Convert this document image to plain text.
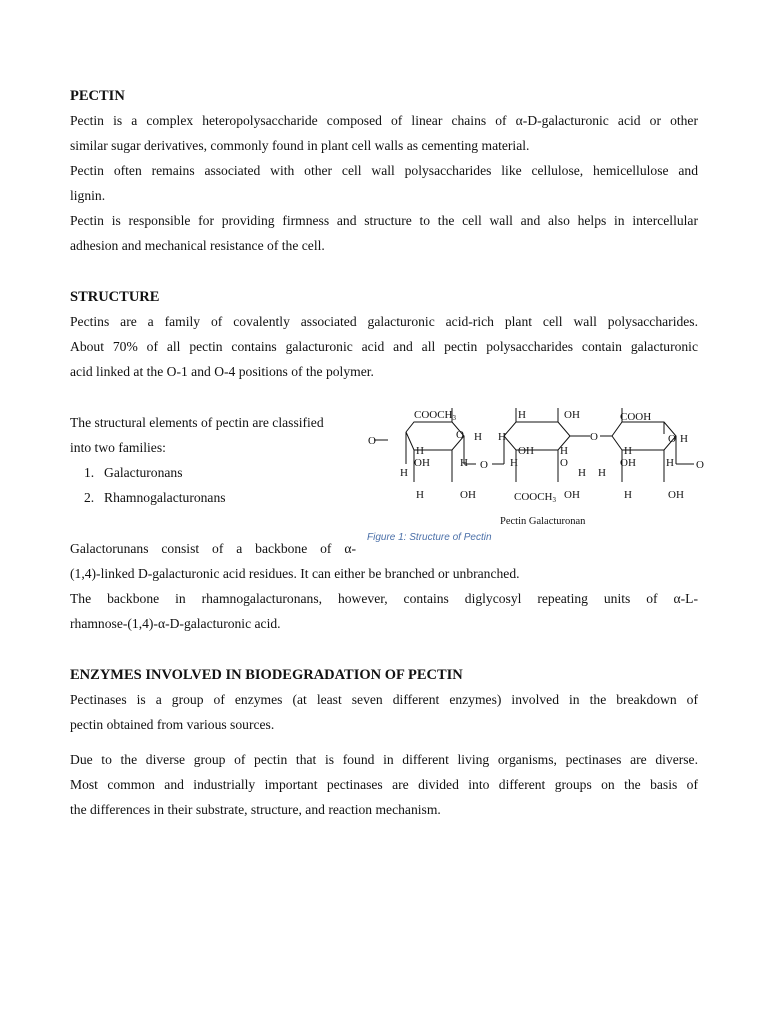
PECTIN
Pectin is a complex heteropolysaccharide composed of linear chains of α-D-galacturonic acid or other
similar sugar derivatives, commonly found in plant cell walls as cementing material.
Pectin often remains associated with other cell wall polysaccharides like cellulose, hemicellulose and
lignin.
Pectin is responsible for providing firmness and structure to the cell wall and also helps in intercellular
adhesion and mechanical resistance of the cell.
STRUCTURE
Pectins are a family of covalently associated galacturonic acid-rich plant cell wall polysaccharides.
About 70% of all pectin contains galacturonic acid and all pectin polysaccharides contain galacturonic
acid linked at the O-1 and O-4 positions of the polymer.
The structural elements of pectin are classified
into two families:
1. Galacturonans
2. Rhamnogalacturonans
COOCH3
O
O
H
OH
H
H O
H
H	OH
H	OH
H
OH
H
H
O
O
H H
COOCH3 OH
COOH
O H
H
OH	H O
H	OH
Pectin Galacturonan
Figure 1: Structure of Pectin
Galactorunans consist of a backbone of α-
(1,4)-linked D-galacturonic acid residues. It can either be branched or unbranched.
The backbone in rhamnogalacturonans, however, contains diglycosyl repeating units of α-L-
rhamnose-(1,4)-α-D-galacturonic acid.
ENZYMES INVOLVED IN BIODEGRADATION OF PECTIN
Pectinases is a group of enzymes (at least seven different enzymes) involved in the breakdown of
pectin obtained from various sources.
Due to the diverse group of pectin that is found in different living organisms, pectinases are diverse.
Most common and industrially important pectinases are divided into different groups on the basis of
the differences in their substrate, structure, and reaction mechanism.
